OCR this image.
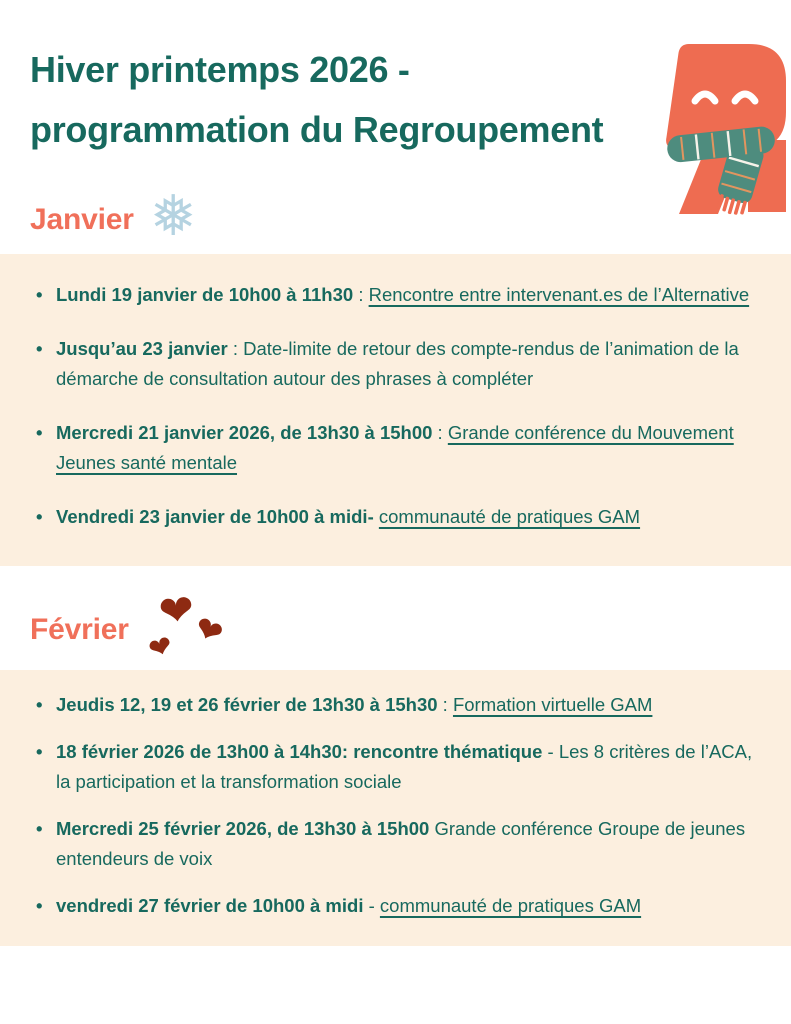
Hiver printemps 2026 -
programmation du Regroupement
Janvier ❅
• Lundi 19 janvier de 10h00 à 11h30 : Rencontre entre intervenant.es de l’Alternative
• Jusqu’au 23 janvier : Date-limite de retour des compte-rendus de l’animation de la démarche de consultation autour des phrases à compléter
• Mercredi 21 janvier 2026, de 13h30 à 15h00 : Grande conférence du Mouvement Jeunes santé mentale
• Vendredi 23 janvier de 10h00 à midi- communauté de pratiques GAM
Février ❤
❤
❤
• Jeudis 12, 19 et 26 février de 13h30 à 15h30 : Formation virtuelle GAM
• 18 février 2026 de 13h00 à 14h30: rencontre thématique - Les 8 critères de l’ACA, la participation et la transformation sociale
• Mercredi 25 février 2026, de 13h30 à 15h00 Grande conférence Groupe de jeunes entendeurs de voix
• vendredi 27 février de 10h00 à midi - communauté de pratiques GAM
